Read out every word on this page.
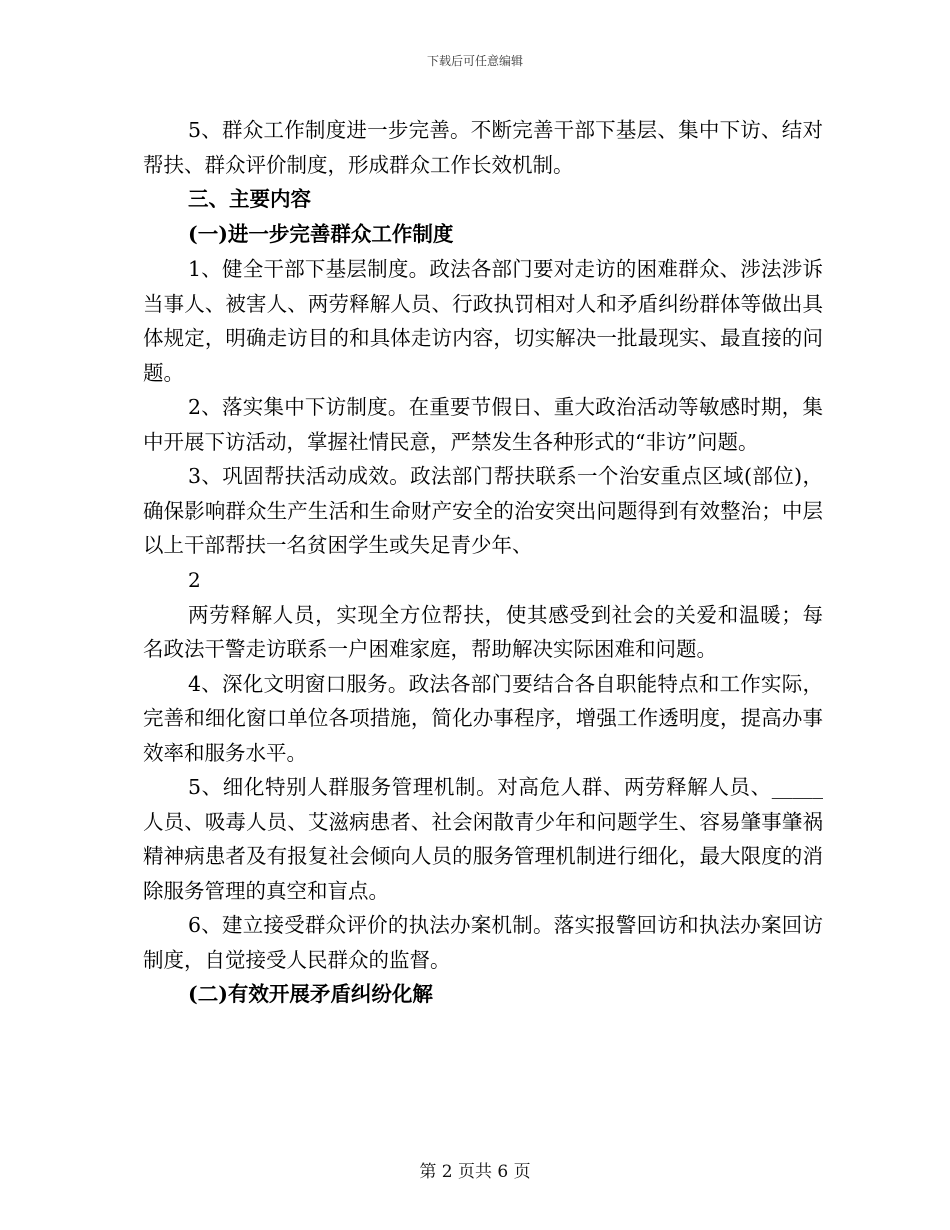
下载后可任意编辑

5、群众工作制度进一步完善。不断完善干部下基层、集中下访、结对帮扶、群众评价制度，形成群众工作长效机制。

三、主要内容

(一)进一步完善群众工作制度

1、健全干部下基层制度。政法各部门要对走访的困难群众、涉法涉诉当事人、被害人、两劳释解人员、行政执罚相对人和矛盾纠纷群体等做出具体规定，明确走访目的和具体走访内容，切实解决一批最现实、最直接的问题。

2、落实集中下访制度。在重要节假日、重大政治活动等敏感时期，集中开展下访活动，掌握社情民意，严禁发生各种形式的“非访”问题。

3、巩固帮扶活动成效。政法部门帮扶联系一个治安重点区域(部位)，确保影响群众生产生活和生命财产安全的治安突出问题得到有效整治；中层以上干部帮扶一名贫困学生或失足青少年、

2

两劳释解人员，实现全方位帮扶，使其感受到社会的关爱和温暖；每名政法干警走访联系一户困难家庭，帮助解决实际困难和问题。

4、深化文明窗口服务。政法各部门要结合各自职能特点和工作实际，完善和细化窗口单位各项措施，简化办事程序，增强工作透明度，提高办事效率和服务水平。

5、细化特别人群服务管理机制。对高危人群、两劳释解人员、_____人员、吸毒人员、艾滋病患者、社会闲散青少年和问题学生、容易肇事肇祸精神病患者及有报复社会倾向人员的服务管理机制进行细化，最大限度的消除服务管理的真空和盲点。

6、建立接受群众评价的执法办案机制。落实报警回访和执法办案回访制度，自觉接受人民群众的监督。

(二)有效开展矛盾纠纷化解

第 2 页共 6 页
